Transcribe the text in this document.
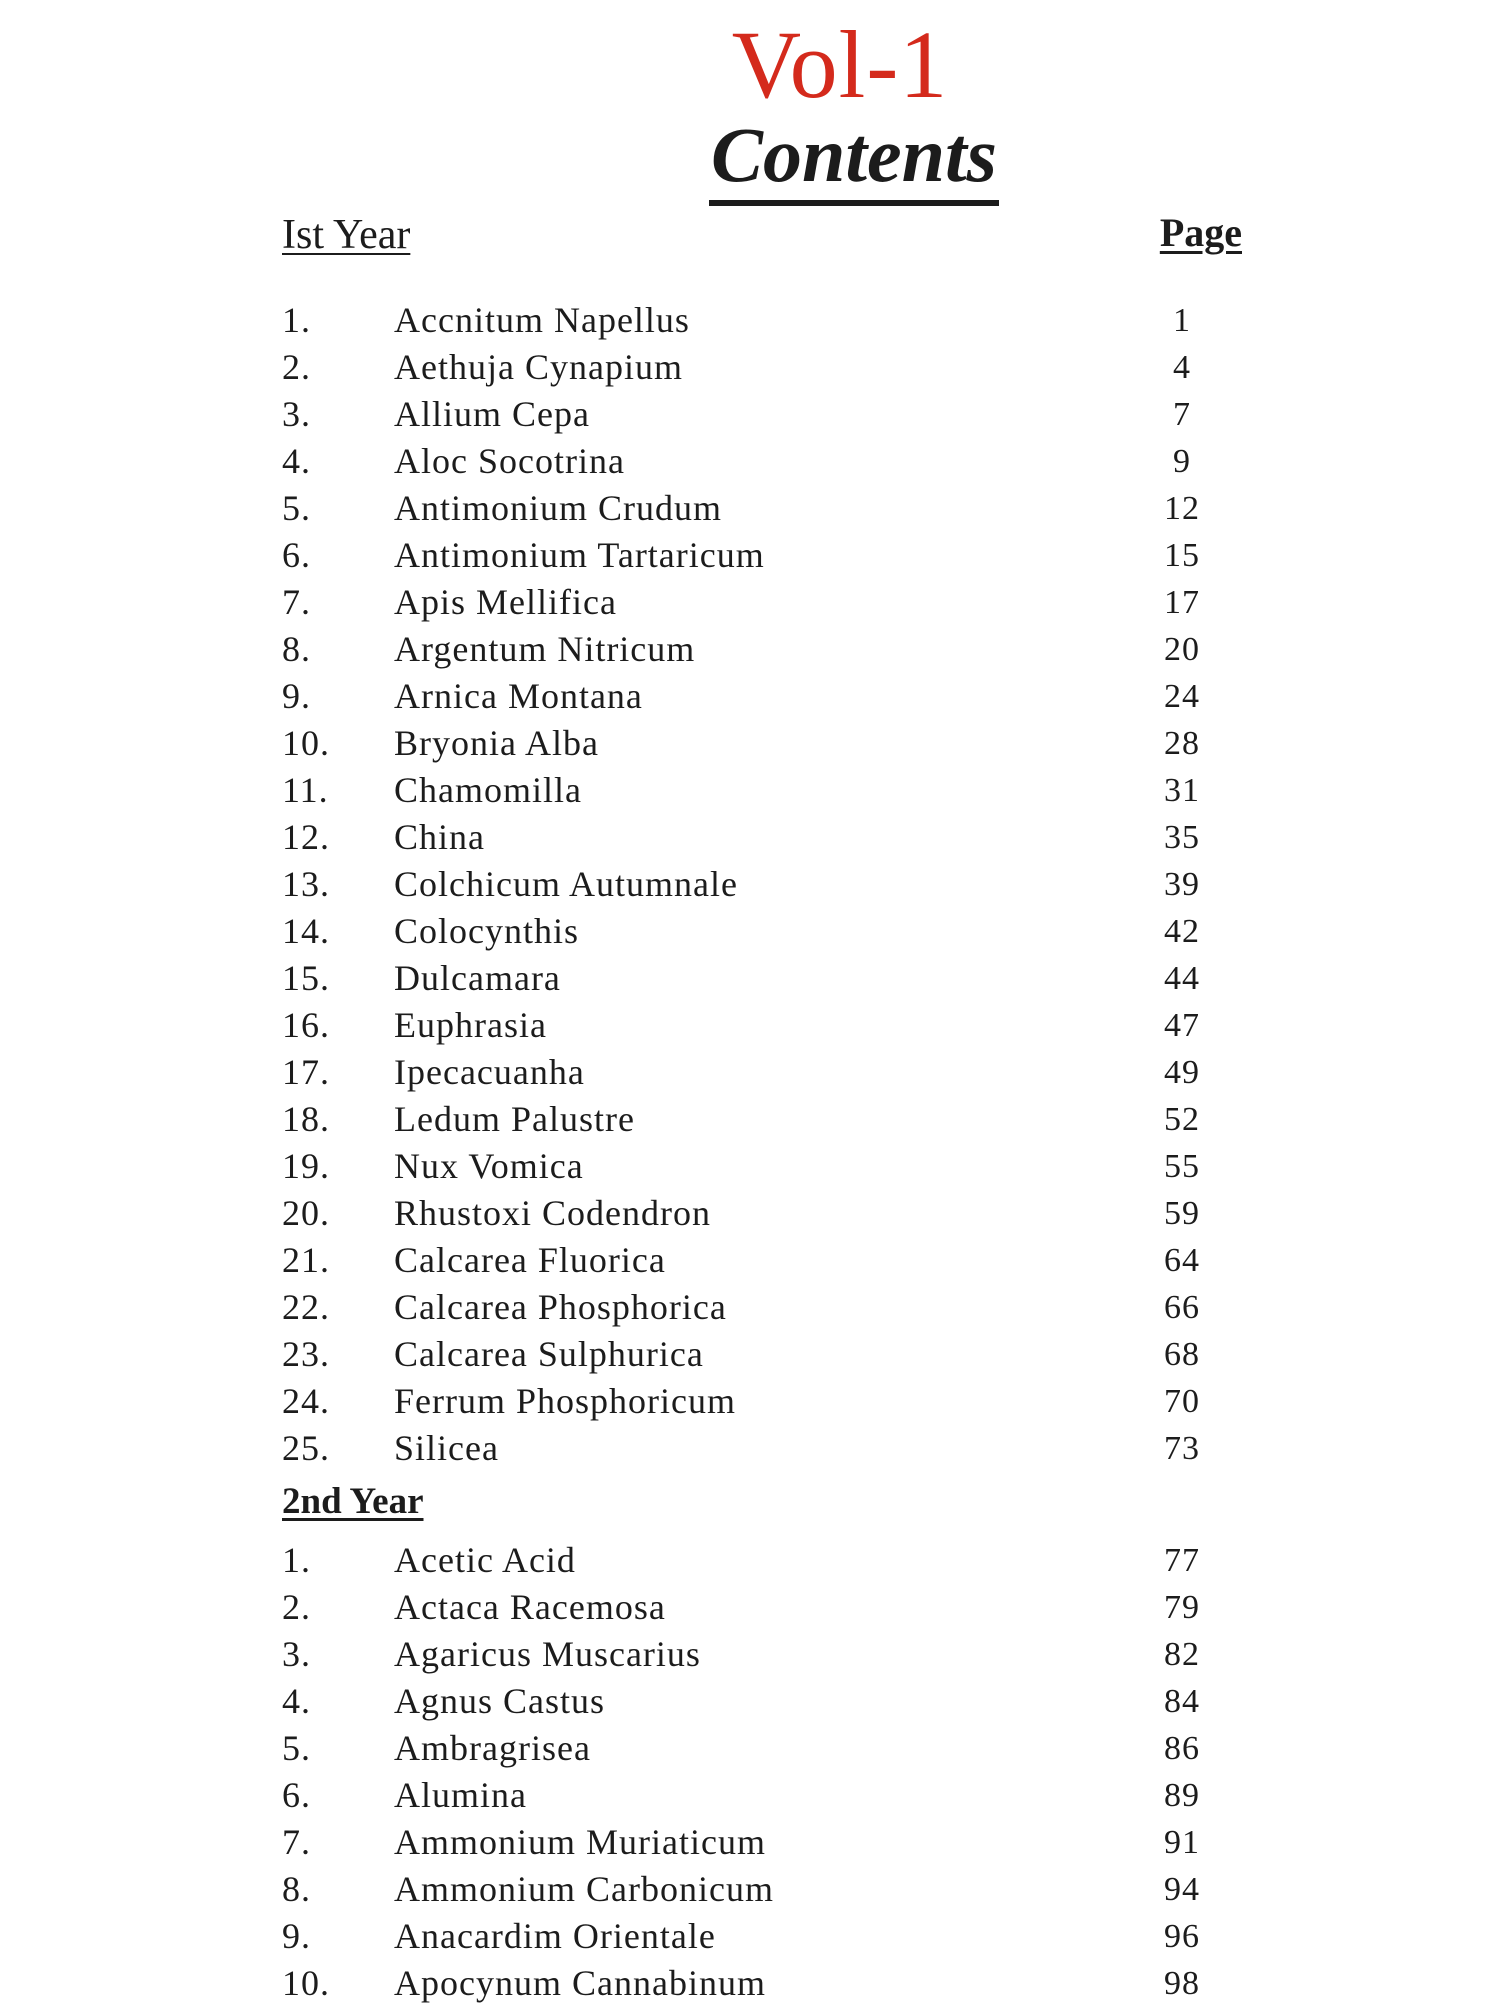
Vol-1
Contents
Ist Year	Page
1. Accnitum Napellus	1
2. Aethuja Cynapium	4
3. Allium Cepa	7
4. Aloc Socotrina	9
5. Antimonium Crudum	12
6. Antimonium Tartaricum	15
7. Apis Mellifica	17
8. Argentum Nitricum	20
9. Arnica Montana	24
10. Bryonia Alba	28
11. Chamomilla	31
12. China	35
13. Colchicum Autumnale	39
14. Colocynthis	42
15. Dulcamara	44
16. Euphrasia	47
17. Ipecacuanha	49
18. Ledum Palustre	52
19. Nux Vomica	55
20. Rhustoxi Codendron	59
21. Calcarea Fluorica	64
22. Calcarea Phosphorica	66
23. Calcarea Sulphurica	68
24. Ferrum Phosphoricum	70
25. Silicea	73
2nd Year
1. Acetic Acid	77
2. Actaca Racemosa	79
3. Agaricus Muscarius	82
4. Agnus Castus	84
5. Ambragrisea	86
6. Alumina	89
7. Ammonium Muriaticum	91
8. Ammonium Carbonicum	94
9. Anacardim Orientale	96
10. Apocynum Cannabinum	98
